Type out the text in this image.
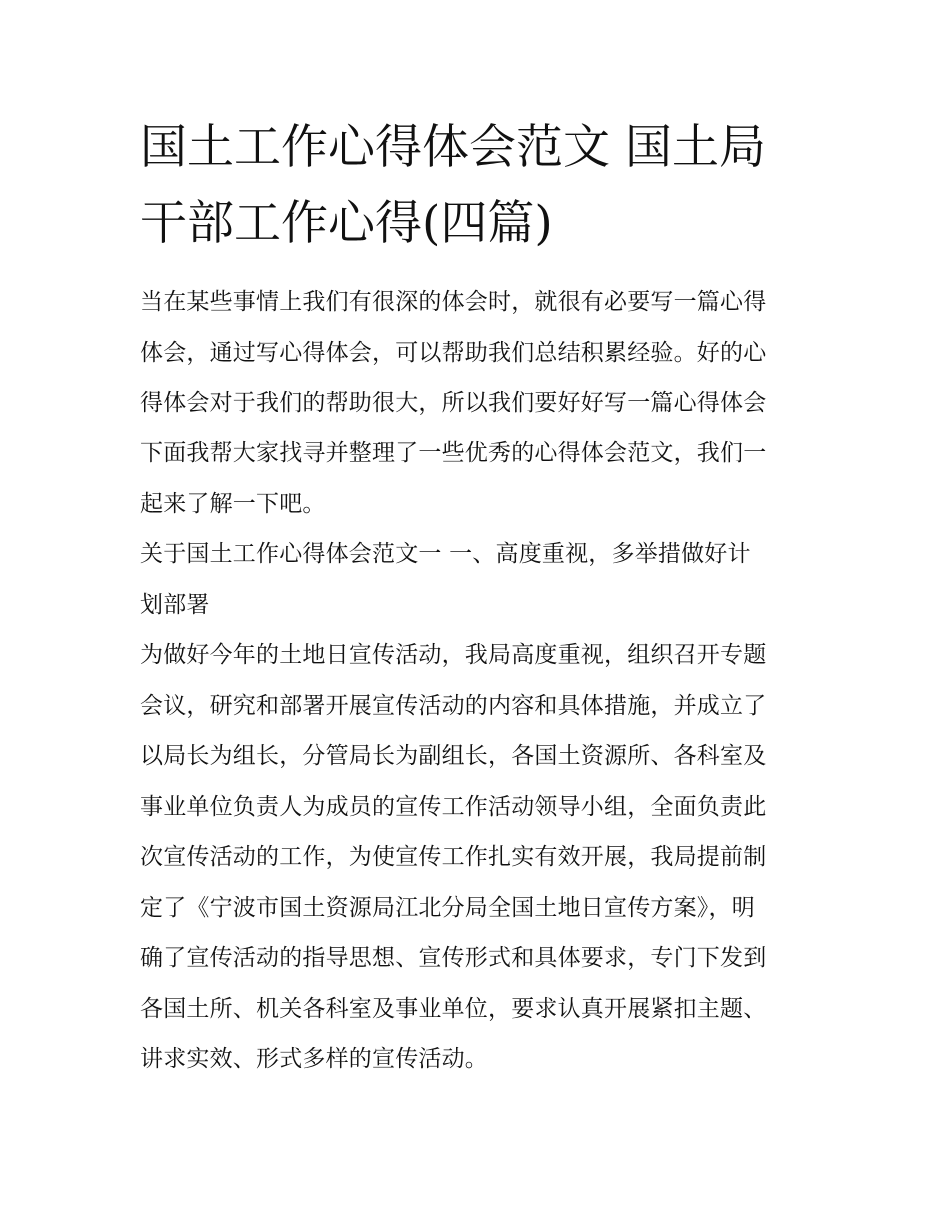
国土工作心得体会范文 国土局
干部工作心得(四篇)
当在某些事情上我们有很深的体会时，就很有必要写一篇心得
体会，通过写心得体会，可以帮助我们总结积累经验。好的心
得体会对于我们的帮助很大，所以我们要好好写一篇心得体会
下面我帮大家找寻并整理了一些优秀的心得体会范文，我们一
起来了解一下吧。
关于国土工作心得体会范文一 一、高度重视，多举措做好计
划部署
为做好今年的土地日宣传活动，我局高度重视，组织召开专题
会议，研究和部署开展宣传活动的内容和具体措施，并成立了
以局长为组长，分管局长为副组长，各国土资源所、各科室及
事业单位负责人为成员的宣传工作活动领导小组，全面负责此
次宣传活动的工作，为使宣传工作扎实有效开展，我局提前制
定了《宁波市国土资源局江北分局全国土地日宣传方案》，明
确了宣传活动的指导思想、宣传形式和具体要求，专门下发到
各国土所、机关各科室及事业单位，要求认真开展紧扣主题、
讲求实效、形式多样的宣传活动。
